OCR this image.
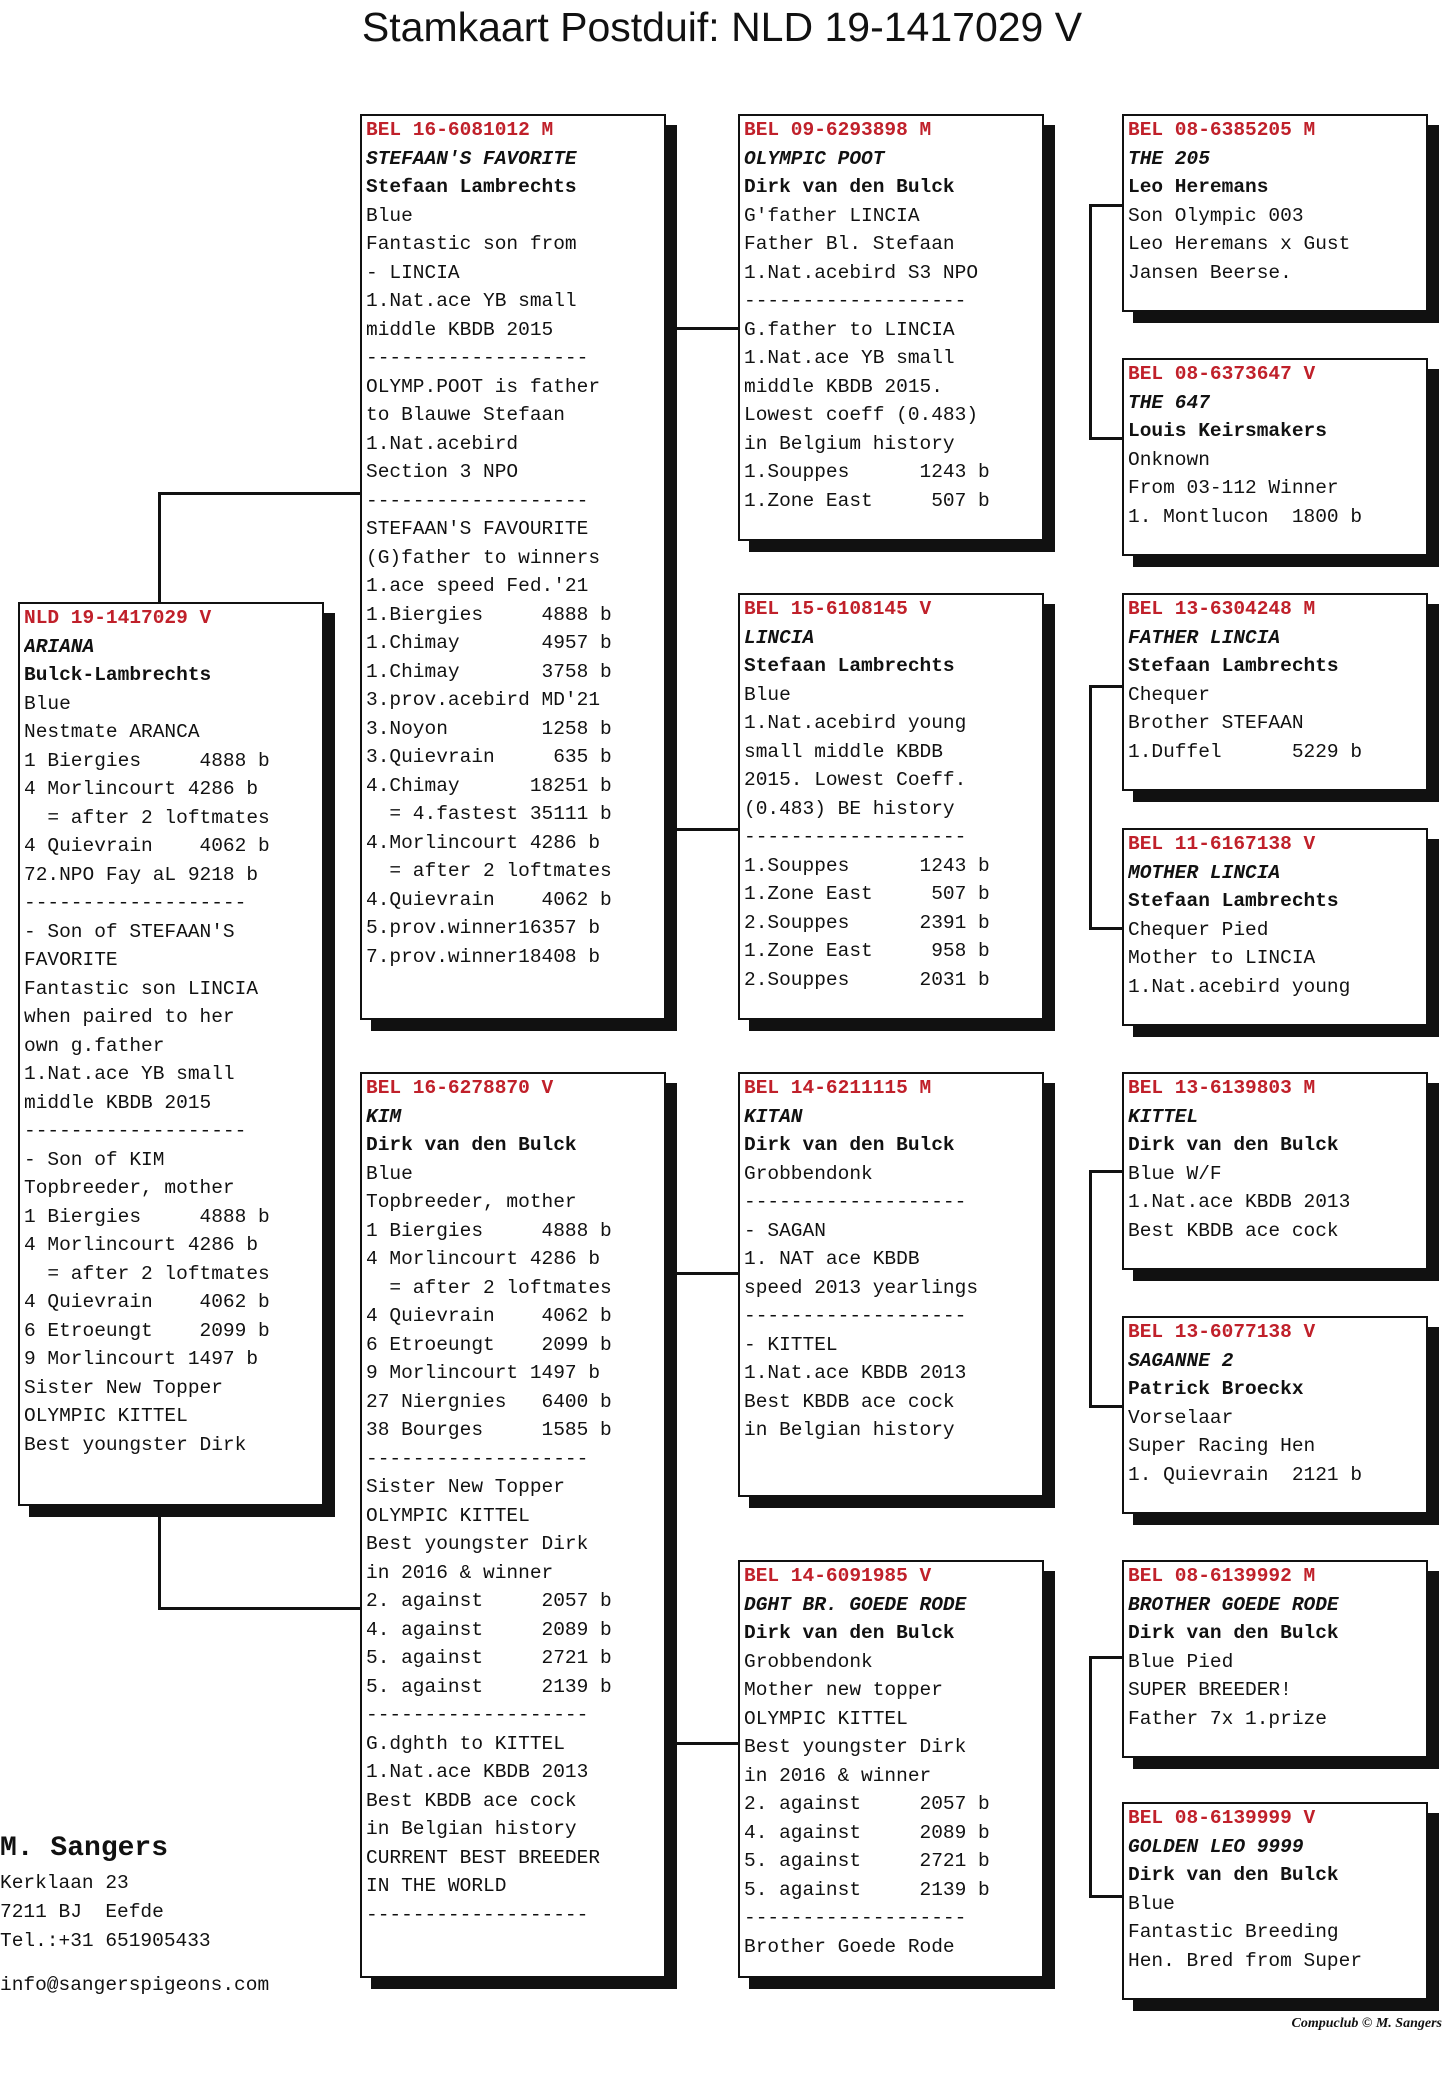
Stamkaart Postduif: NLD 19-1417029 V
NLD 19-1417029 V
ARIANA
Bulck-Lambrechts
Blue
Nestmate ARANCA
1 Biergies     4888 b
4 Morlincourt 4286 b
= after 2 loftmates
4 Quievrain    4062 b
72.NPO Fay aL 9218 b
-------------------
- Son of STEFAAN'S
FAVORITE
Fantastic son LINCIA
when paired to her
own g.father
1.Nat.ace YB small
middle KBDB 2015
-------------------
- Son of KIM
Topbreeder, mother
1 Biergies     4888 b
4 Morlincourt 4286 b
= after 2 loftmates
4 Quievrain    4062 b
6 Etroeungt    2099 b
9 Morlincourt 1497 b
Sister New Topper
OLYMPIC KITTEL
Best youngster Dirk
BEL 16-6081012 M
STEFAAN'S FAVORITE
Stefaan Lambrechts
Blue
Fantastic son from
- LINCIA
1.Nat.ace YB small
middle KBDB 2015
-------------------
OLYMP.POOT is father
to Blauwe Stefaan
1.Nat.acebird
Section 3 NPO
-------------------
STEFAAN'S FAVOURITE
(G)father to winners
1.ace speed Fed.'21
1.Biergies     4888 b
1.Chimay       4957 b
1.Chimay       3758 b
3.prov.acebird MD'21
3.Noyon        1258 b
3.Quievrain     635 b
4.Chimay      18251 b
= 4.fastest 35111 b
4.Morlincourt 4286 b
= after 2 loftmates
4.Quievrain    4062 b
5.prov.winner16357 b
7.prov.winner18408 b
BEL 16-6278870 V
KIM
Dirk van den Bulck
Blue
Topbreeder, mother
1 Biergies     4888 b
4 Morlincourt 4286 b
= after 2 loftmates
4 Quievrain    4062 b
6 Etroeungt    2099 b
9 Morlincourt 1497 b
27 Niergnies   6400 b
38 Bourges     1585 b
-------------------
Sister New Topper
OLYMPIC KITTEL
Best youngster Dirk
in 2016 & winner
2. against     2057 b
4. against     2089 b
5. against     2721 b
5. against     2139 b
-------------------
G.dghth to KITTEL
1.Nat.ace KBDB 2013
Best KBDB ace cock
in Belgian history
CURRENT BEST BREEDER
IN THE WORLD
-------------------
BEL 09-6293898 M
OLYMPIC POOT
Dirk van den Bulck
G'father LINCIA
Father Bl. Stefaan
1.Nat.acebird S3 NPO
-------------------
G.father to LINCIA
1.Nat.ace YB small
middle KBDB 2015.
Lowest coeff (0.483)
in Belgium history
1.Souppes      1243 b
1.Zone East     507 b
BEL 15-6108145 V
LINCIA
Stefaan Lambrechts
Blue
1.Nat.acebird young
small middle KBDB
2015. Lowest Coeff.
(0.483) BE history
-------------------
1.Souppes      1243 b
1.Zone East     507 b
2.Souppes      2391 b
1.Zone East     958 b
2.Souppes      2031 b
BEL 14-6211115 M
KITAN
Dirk van den Bulck
Grobbendonk
-------------------
- SAGAN
1. NAT ace KBDB
speed 2013 yearlings
-------------------
- KITTEL
1.Nat.ace KBDB 2013
Best KBDB ace cock
in Belgian history
BEL 14-6091985 V
DGHT BR. GOEDE RODE
Dirk van den Bulck
Grobbendonk
Mother new topper
OLYMPIC KITTEL
Best youngster Dirk
in 2016 & winner
2. against     2057 b
4. against     2089 b
5. against     2721 b
5. against     2139 b
-------------------
Brother Goede Rode
BEL 08-6385205 M
THE 205
Leo Heremans
Son Olympic 003
Leo Heremans x Gust
Jansen Beerse.
BEL 08-6373647 V
THE 647
Louis Keirsmakers
Onknown
From 03-112 Winner
1. Montlucon  1800 b
BEL 13-6304248 M
FATHER LINCIA
Stefaan Lambrechts
Chequer
Brother STEFAAN
1.Duffel      5229 b
BEL 11-6167138 V
MOTHER LINCIA
Stefaan Lambrechts
Chequer Pied
Mother to LINCIA
1.Nat.acebird young
BEL 13-6139803 M
KITTEL
Dirk van den Bulck
Blue W/F
1.Nat.ace KBDB 2013
Best KBDB ace cock
BEL 13-6077138 V
SAGANNE 2
Patrick Broeckx
Vorselaar
Super Racing Hen
1. Quievrain  2121 b
BEL 08-6139992 M
BROTHER GOEDE RODE
Dirk van den Bulck
Blue Pied
SUPER BREEDER!
Father 7x 1.prize
BEL 08-6139999 V
GOLDEN LEO 9999
Dirk van den Bulck
Blue
Fantastic Breeding
Hen. Bred from Super
M. Sangers
Kerklaan 23
7211 BJ  Eefde
Tel.:+31 651905433
info@sangerspigeons.com
Compuclub © M. Sangers
